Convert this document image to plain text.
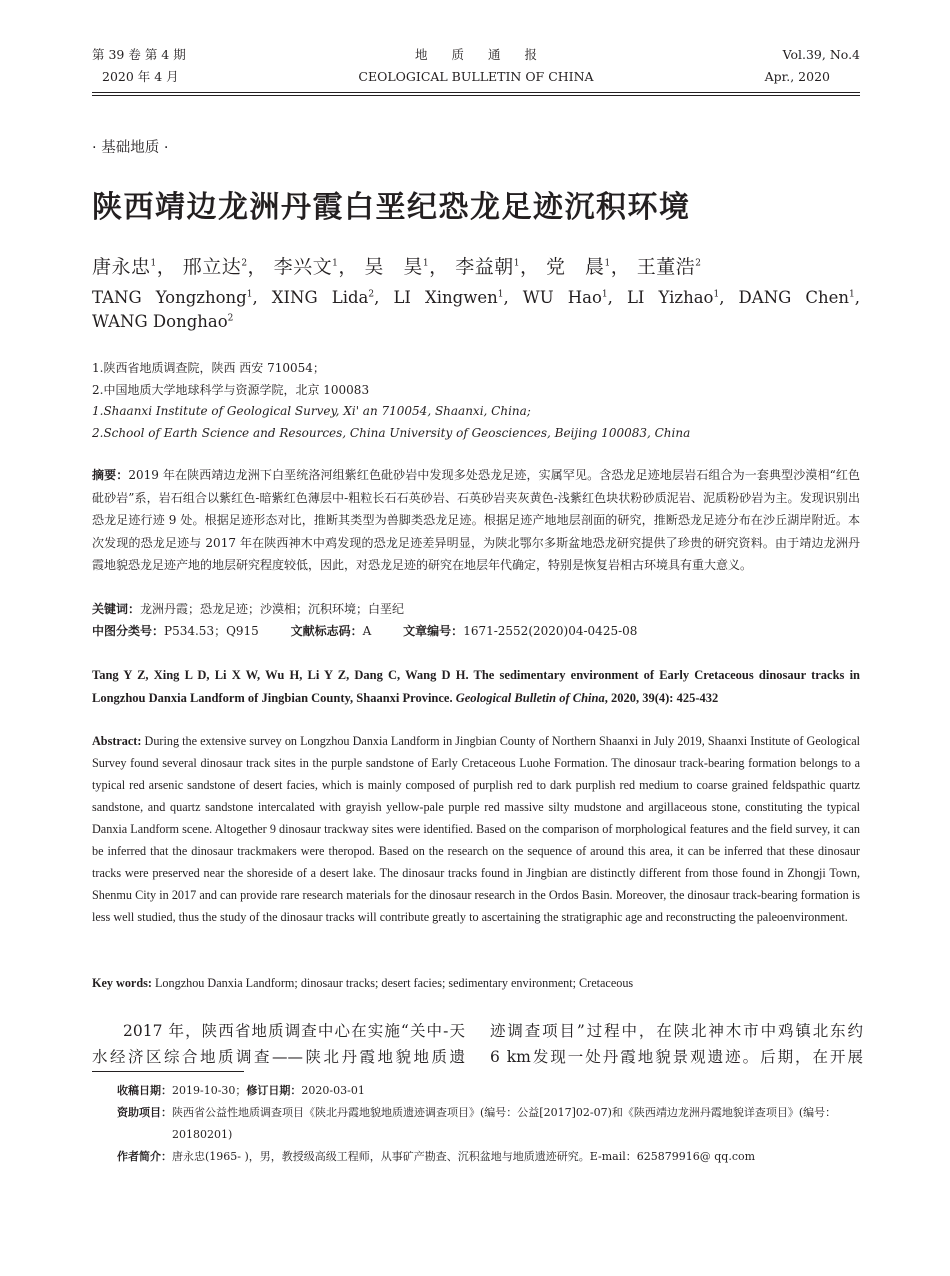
第 39 卷 第 4 期
2020 年 4 月
地 质 通 报
CEOLOGICAL BULLETIN OF CHINA
Vol.39, No.4
Apr., 2020
· 基础地质 ·
陕西靖边龙洲丹霞白垩纪恐龙足迹沉积环境
唐永忠$^1$， 邢立达$^2$， 李兴文$^1$， 吴　昊$^1$， 李益朝$^1$， 党　晨$^1$， 王董浩$^2$
TANG Yongzhong$^1$, XING Lida$^2$, LI Xingwen$^1$, WU Hao$^1$, LI Yizhao$^1$, DANG Chen$^1$,
WANG Donghao$^2$
1.陕西省地质调查院，陕西 西安 710054；
2.中国地质大学地球科学与资源学院，北京 100083
1.Shaanxi Institute of Geological Survey, Xi' an 710054, Shaanxi, China;
2.School of Earth Science and Resources, China University of Geosciences, Beijing 100083, China
摘要：2019 年在陕西靖边龙洲下白垩统洛河组紫红色砒砂岩中发现多处恐龙足迹，实属罕见。含恐龙足迹地层岩石组合为一套典型沙漠相“红色砒砂岩”系，岩石组合以紫红色-暗紫红色薄层中-粗粒长石石英砂岩、石英砂岩夹灰黄色-浅紫红色块状粉砂质泥岩、泥质粉砂岩为主。发现识别出恐龙足迹行迹 9 处。根据足迹形态对比，推断其类型为兽脚类恐龙足迹。根据足迹产地地层剖面的研究，推断恐龙足迹分布在沙丘湖岸附近。本次发现的恐龙足迹与 2017 年在陕西神木中鸡发现的恐龙足迹差异明显，为陕北鄂尔多斯盆地恐龙研究提供了珍贵的研究资料。由于靖边龙洲丹霞地貌恐龙足迹产地的地层研究程度较低，因此，对恐龙足迹的研究在地层年代确定，特别是恢复岩相古环境具有重大意义。
关键词：龙洲丹霞；恐龙足迹；沙漠相；沉积环境；白垩纪
中图分类号：P534.53；Q915	文献标志码：A	文章编号：1671-2552(2020)04-0425-08
Tang Y Z, Xing L D, Li X W, Wu H, Li Y Z, Dang C, Wang D H. The sedimentary environment of Early Cretaceous dinosaur tracks in Longzhou Danxia Landform of Jingbian County, Shaanxi Province. Geological Bulletin of China, 2020, 39(4): 425-432
Abstract: During the extensive survey on Longzhou Danxia Landform in Jingbian County of Northern Shaanxi in July 2019, Shaanxi Institute of Geological Survey found several dinosaur track sites in the purple sandstone of Early Cretaceous Luohe Formation. The dinosaur track-bearing formation belongs to a typical red arsenic sandstone of desert facies, which is mainly composed of purplish red to dark purplish red medium to coarse grained feldspathic quartz sandstone, and quartz sandstone intercalated with grayish yellow-pale purple red massive silty mudstone and argillaceous stone, constituting the typical Danxia Landform scene. Altogether 9 dinosaur trackway sites were identified. Based on the comparison of morphological features and the field survey, it can be inferred that the dinosaur trackmakers were theropod. Based on the research on the sequence of around this area, it can be inferred that these dinosaur tracks were preserved near the shoreside of a desert lake. The dinosaur tracks found in Jingbian are distinctly different from those found in Zhongji Town, Shenmu City in 2017 and can provide rare research materials for the dinosaur research in the Ordos Basin. Moreover, the dinosaur track-bearing formation is less well studied, thus the study of the dinosaur tracks will contribute greatly to ascertaining the stratigraphic age and reconstructing the paleoenvironment.
Key words: Longzhou Danxia Landform; dinosaur tracks; desert facies; sedimentary environment; Cretaceous
2017 年，陕西省地质调查中心在实施“关中-天
水经济区综合地质调查——陕北丹霞地貌地质遗
迹调查项目”过程中，在陕北神木市中鸡镇北东约
6 km发现一处丹霞地貌景观遗迹。后期，在开展
收稿日期： 2019-10-30； 修订日期： 2020-03-01
资助项目： 陕西省公益性地质调查项目《陕北丹霞地貌地质遗迹调查项目》(编号：公益[2017]02-07)和《陕西靖边龙洲丹霞地貌详查项目》(编号：20180201)
作者简介： 唐永忠(1965- )，男，教授级高级工程师，从事矿产勘查、沉积盆地与地质遗迹研究。E-mail：625879916@ qq.com
